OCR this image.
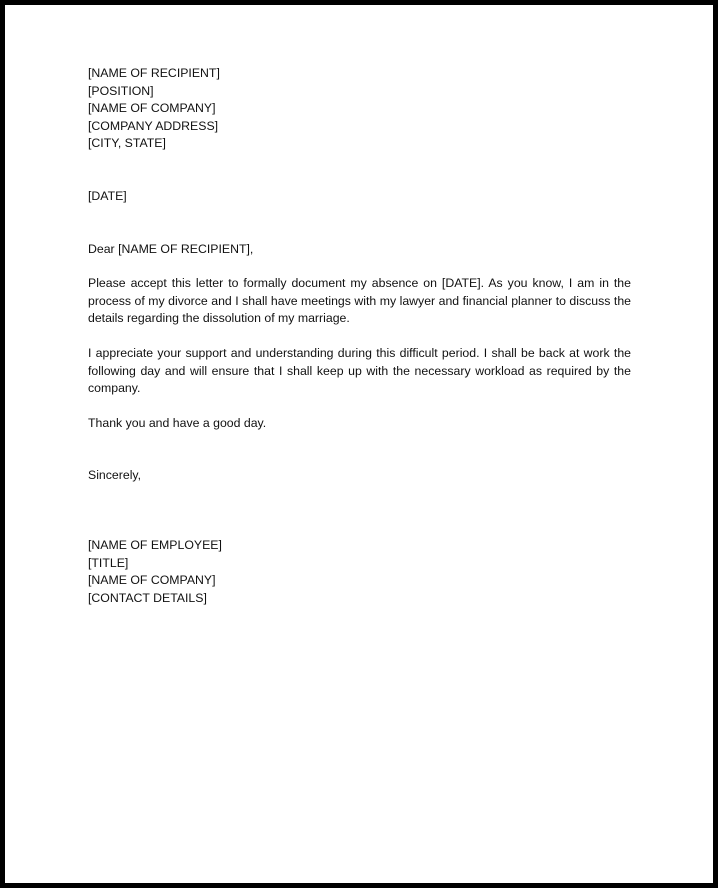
[NAME OF RECIPIENT]
[POSITION]
[NAME OF COMPANY]
[COMPANY ADDRESS]
[CITY, STATE]
[DATE]
Dear [NAME OF RECIPIENT],
Please accept this letter to formally document my absence on [DATE]. As you know, I am in the process of my divorce and I shall have meetings with my lawyer and financial planner to discuss the details regarding the dissolution of my marriage.
I appreciate your support and understanding during this difficult period. I shall be back at work the following day and will ensure that I shall keep up with the necessary workload as required by the company.
Thank you and have a good day.
Sincerely,
[NAME OF EMPLOYEE]
[TITLE]
[NAME OF COMPANY]
[CONTACT DETAILS]
